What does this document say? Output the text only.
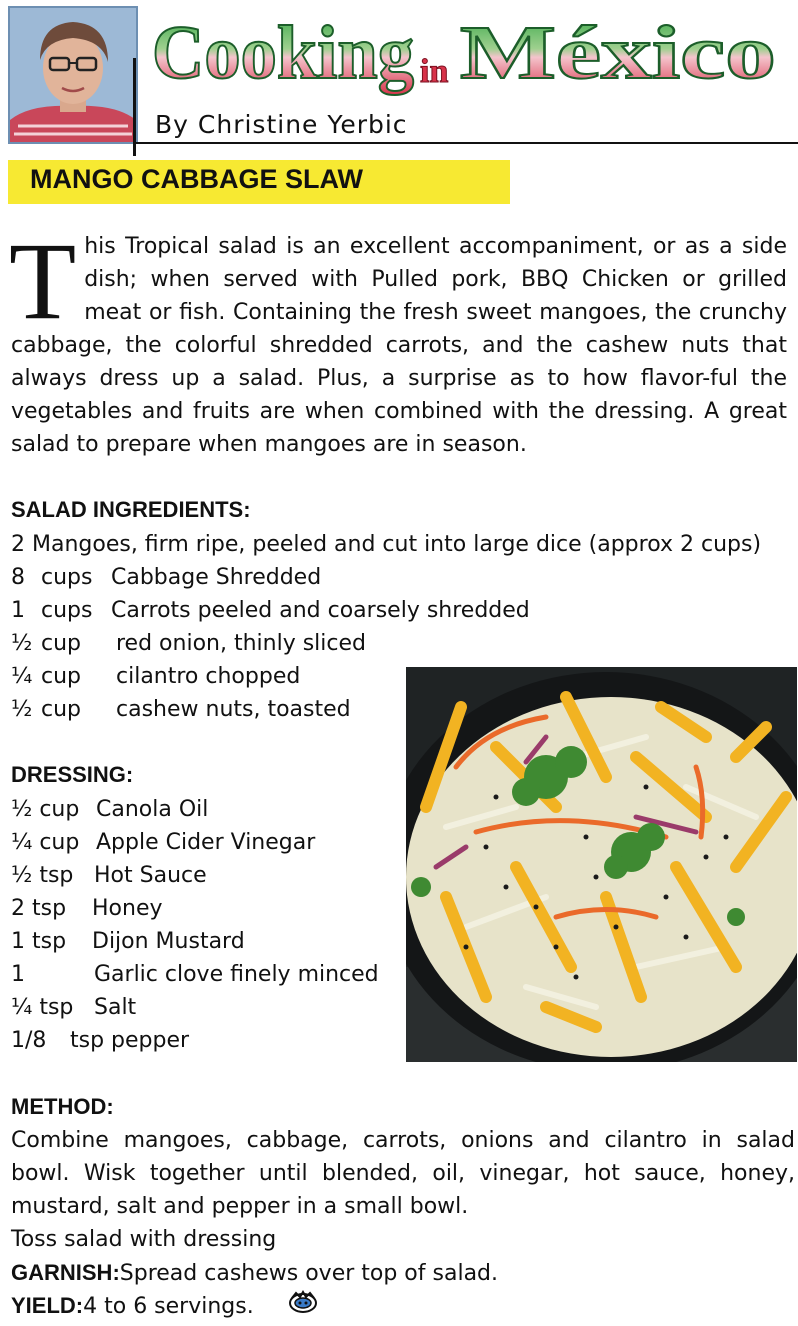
Cooking in México
By Christine Yerbic
MANGO CABBAGE SLAW
This Tropical salad is an excellent accompaniment, or as a side dish; when served with Pulled pork, BBQ Chicken or grilled meat or fish. Containing the fresh sweet mangoes, the crunchy cabbage, the colorful shredded carrots, and the cashew nuts that always dress up a salad. Plus, a surprise as to how flavor-ful the vegetables and fruits are when combined with the dressing. A great salad to prepare when mangoes are in season.
SALAD INGREDIENTS:
2 Mangoes, firm ripe, peeled and cut into large dice (approx 2 cups)
8 cups Cabbage Shredded
1 cups Carrots peeled and coarsely shredded
½ cup red onion, thinly sliced
¼ cup cilantro chopped
½ cup cashew nuts, toasted
DRESSING:
½ cup Canola Oil
¼ cup Apple Cider Vinegar
½ tsp Hot Sauce
2 tsp Honey
1 tsp Dijon Mustard
1	Garlic clove finely minced
¼ tsp Salt
1/8 tsp pepper
METHOD:
Combine mangoes, cabbage, carrots, onions and cilantro in salad bowl. Wisk together until blended, oil, vinegar, hot sauce, honey, mustard, salt and pepper in a small bowl.
Toss salad with dressing
GARNISH:Spread cashews over top of salad.
YIELD:4 to 6 servings.
